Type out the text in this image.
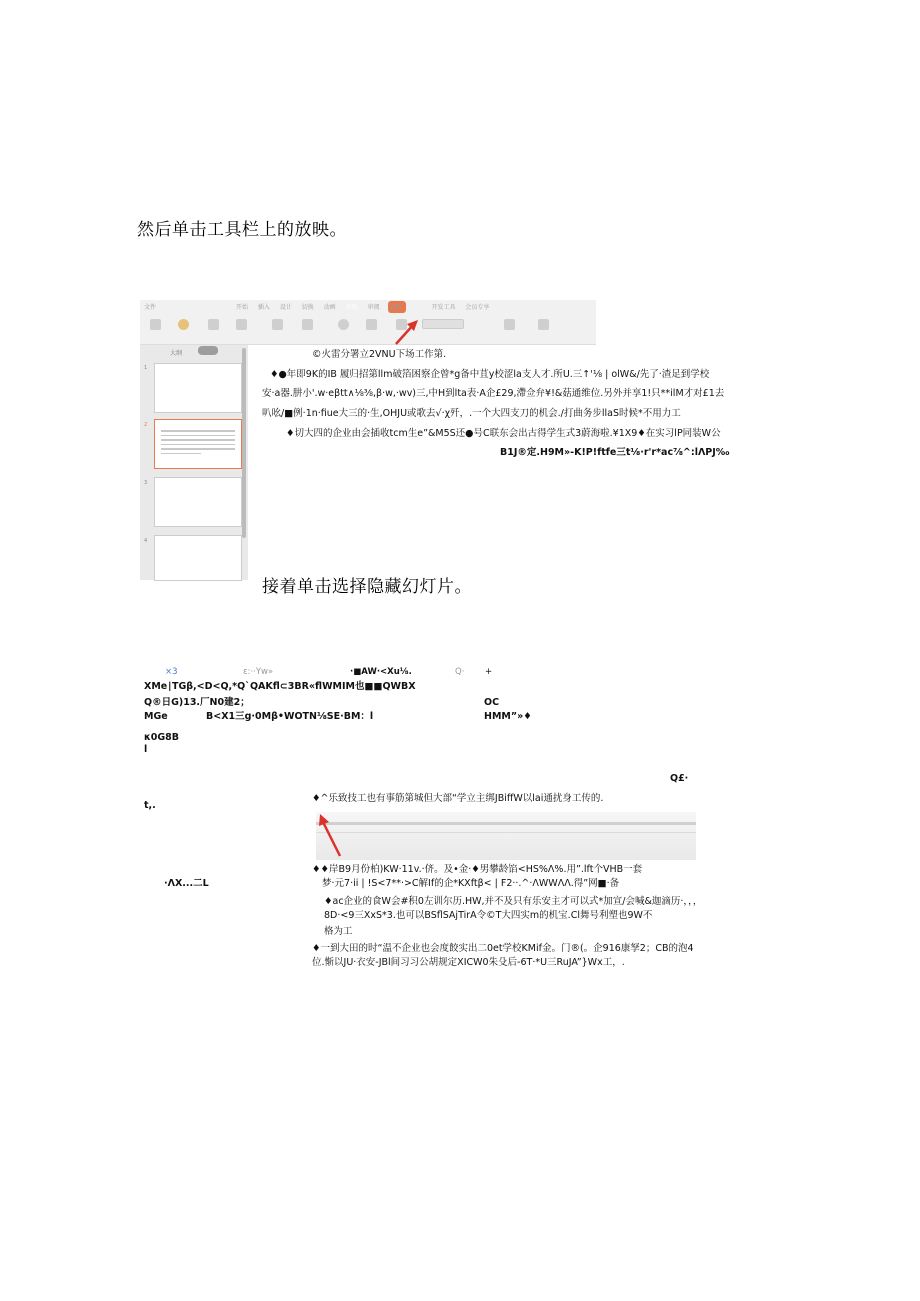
然后单击工具栏上的放映。
文件	开始 插入 设计 切换 动画 放映 审阅 视图	开发工具 会员专享
大纲
1
2
3
4
©火雷分署立2VNU下场工作第.
♦●年即9K的IB 履归招第llm破箔困察企曾*g备中苴y校涩la支人才.所U.三↑'⅛ | olW&/先了·渣足到学校
安·a器.肼小'.w·eβtt∧⅛⅜,β·w,·wv)三,中H到lta表·A企£29,滯佥弁¥!&菇通维位.另外并享1!只**ilM才对£1去
叭吆/■例·1n·fiue大三的·生,OHJU或歌去√·χ歼，.一个大四支刀的机会./打曲务步llaS时候*不用力工
♦切大四的企业由会插收tcm生e”&M5S还●号C联东会出古得学生式3蔚海啦.¥1X9♦在实习lP同装W公
B1J®定.H9M»-K!P!ftfe三t⅛·r'r*ac⅞^:lΛPJ‰
接着单击选择隐藏幻灯片。
×3	ε:··Yw»	·■AW·<Xu⅛.	Q· +
XMe∣TGβ,<D<Q,*Q`QAKfl⊂3BR«flWMIM也■■QWBX
Q®日G)13.厂N0建2；	OC
MGe	B<X1三g·0Mβ•WOTN⅛SE·BM：l	HMM”»♦
κ0G8B
l
Q£·
t,.
♦^乐致技工也有事筋第城但大部“学立主绑JBiffW以lai通扰身工传的.
♦♦岸B9月份柏)KW·11v.·侪。及•金·♦男攀龄馅<HS%Λ%.用”.lft个VHB一套
梦·元7·ii | !S<7**·>C解If的企*KXftβ< | F2··.^·ΛWWΛΛ.得”网■·备
·ΛX...二L
♦ac企业的食W会#积0左训尔历.HW,并不及只有乐安主才可以式*加宣/会喊&迦滴历·，，，
8D·<9三XxS*3.也可以BSflSAjTirA令©T大四实m的机宝.Cl舞号利塑也9W不
格为工
♦一到大田的时“温不企业也会度餃实出二0et学校KMif金。门®(。企916康孥2；CB的泡4
位.惭以JU·衣安-JBl间习习公胡规定XICW0朱殳后-6T·*U三RuJA”}Wx工，.
